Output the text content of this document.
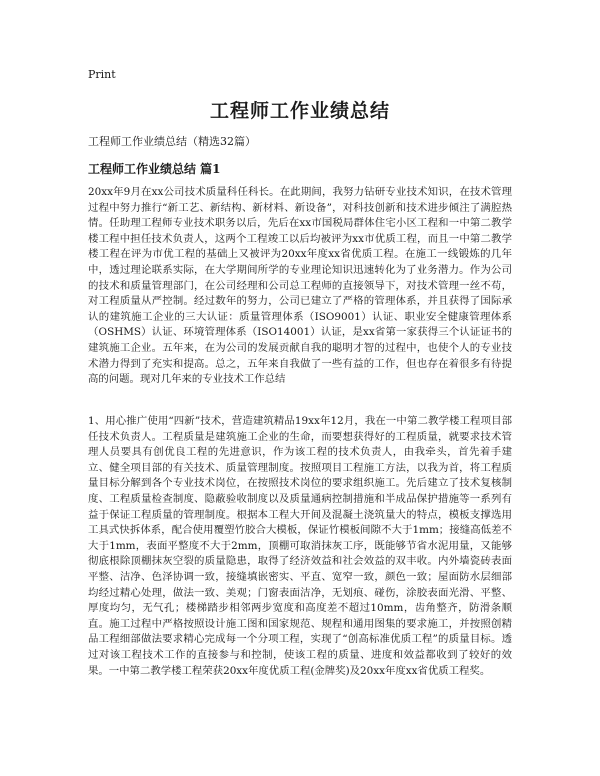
Print
工程师工作业绩总结
工程师工作业绩总结（精选32篇）
工程师工作业绩总结 篇1
20xx年9月在xx公司技术质量科任科长。在此期间，我努力钻研专业技术知识，在技术管理过程中努力推行“新工艺、新结构、新材料、新设备”，对科技创新和技术进步倾注了满腔热情。任助理工程师专业技术职务以后，先后在xx市国税局群体住宅小区工程和一中第二教学楼工程中担任技术负责人，这两个工程竣工以后均被评为xx市优质工程，而且一中第二教学楼工程在评为市优工程的基础上又被评为20xx年度xx省优质工程。在施工一线锻炼的几年中，透过理论联系实际，在大学期间所学的专业理论知识迅速转化为了业务潜力。作为公司的技术和质量管理部门，在公司经理和公司总工程师的直接领导下，对技术管理一丝不苟，对工程质量从严控制。经过数年的努力，公司已建立了严格的管理体系，并且获得了国际承认的建筑施工企业的三大认证：质量管理体系（ISO9001）认证、职业安全健康管理体系（OSHMS）认证、环境管理体系（ISO14001）认证，是xx省第一家获得三个认证证书的建筑施工企业。五年来，在为公司的发展贡献自我的聪明才智的过程中，也使个人的专业技术潜力得到了充实和提高。总之，五年来自我做了一些有益的工作，但也存在着很多有待提高的问题。现对几年来的专业技术工作总结
1、用心推广使用“四新”技术，营造建筑精品19xx年12月，我在一中第二教学楼工程项目部任技术负责人。工程质量是建筑施工企业的生命，而要想获得好的工程质量，就要求技术管理人员要具有创优良工程的先进意识，作为该工程的技术负责人，由我牵头，首先着手建立、健全项目部的有关技术、质量管理制度。按照项目工程施工方法，以我为首，将工程质量目标分解到各个专业技术岗位，在按照技术岗位的要求组织施工。先后建立了技术复核制度、工程质量检查制度、隐蔽验收制度以及质量通病控制措施和半成品保护措施等一系列有益于保证工程质量的管理制度。根据本工程大开间及混凝土浇筑量大的特点，模板支撑选用工具式快拆体系，配合使用覆塑竹胶合大模板，保证竹模板间隙不大于1mm；接缝高低差不大于1mm，表面平整度不大于2mm，顶棚可取消抹灰工序，既能够节省水泥用量，又能够彻底根除顶棚抹灰空裂的质量隐患，取得了经济效益和社会效益的双丰收。内外墙瓷砖表面平整、洁净、色泽协调一致，接缝填嵌密实、平直、宽窄一致，颜色一致；屋面防水层细部均经过精心处理，做法一致、美观；门窗表面洁净，无划痕、碰伤，涂胶表面光滑、平整、厚度均匀，无气孔；楼梯踏步相邻两步宽度和高度差不超过10mm，齿角整齐，防滑条顺直。施工过程中严格按照设计施工图和国家规范、规程和通用图集的要求施工，并按照创精品工程细部做法要求精心完成每一个分项工程，实现了“创高标准优质工程”的质量目标。透过对该工程技术工作的直接参与和控制，使该工程的质量、进度和效益都收到了较好的效果。一中第二教学楼工程荣获20xx年度优质工程(金牌奖)及20xx年度xx省优质工程奖。
